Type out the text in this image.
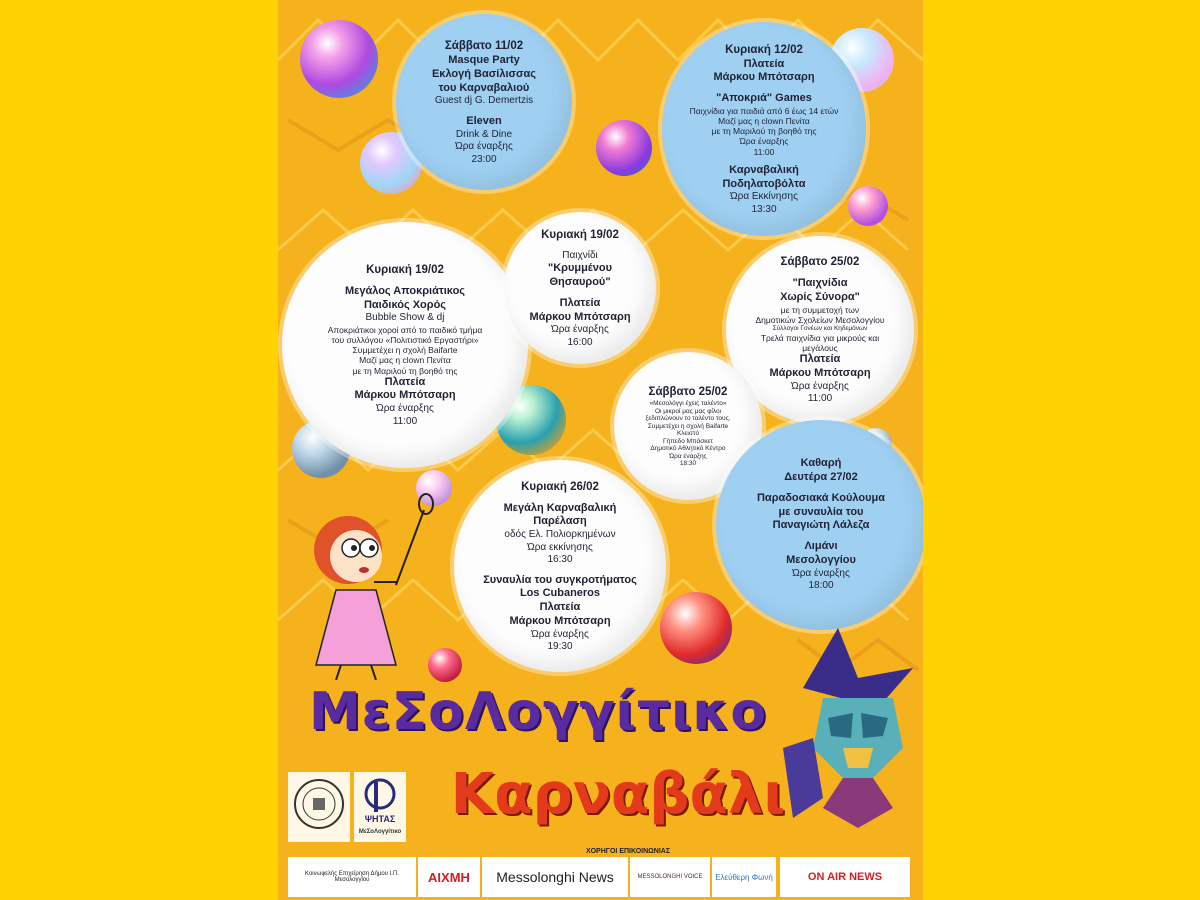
Σάββατο 11/02
Masque Party
Εκλογή Βασίλισσας
του Καρναβαλιού
Guest dj G. Demertzis
Eleven
Drink & Dine
Ώρα έναρξης
23:00
Κυριακή 12/02
Πλατεία
Μάρκου Μπότσαρη
"Αποκριά" Games
Παιχνίδια για παιδιά από 6 έως 14 ετών
Μαζί μας η clown Πενίτα
με τη Μαριλού τη βοηθό της
Ώρα έναρξης
11:00
Καρναβαλική
Ποδηλατοβόλτα
Ώρα Εκκίνησης
13:30
Κυριακή 19/02
Μεγάλος Αποκριάτικος
Παιδικός Χορός
Bubble Show & dj
Αποκριάτικοι χοροί από το παιδικό τμήμα
του συλλόγου «Πολιτιστικό Εργαστήρι»
Συμμετέχει η σχολή Baifarte
Μαζί μας η clown Πενίτα
με τη Μαριλού τη βοηθό της
Πλατεία
Μάρκου Μπότσαρη
Ώρα έναρξης
11:00
Κυριακή 19/02
Παιχνίδι
"Κρυμμένου
Θησαυρού"
Πλατεία
Μάρκου Μπότσαρη
Ώρα έναρξης
16:00
Σάββατο 25/02
"Παιχνίδια
Χωρίς Σύνορα"
με τη συμμετοχή των
Δημοτικών Σχολείων Μεσολογγίου
Σύλλογοι Γονέων και Κηδεμόνων
Τρελά παιχνίδια για μικρούς και
μεγάλους
Πλατεία
Μάρκου Μπότσαρη
Ώρα έναρξης
11:00
Σάββατο 25/02
«Μεσολόγγι έχεις ταλέντο»
Οι μικροί μας μας φίλοι
ξεδιπλώνουν το ταλέντο τους.
Συμμετέχει η σχολή Baifarte
Κλειστό
Γήπεδο Μπάσκετ
Δημοτικό Αθλητικό Κέντρο
Ώρα έναρξης
18:30
Κυριακή 26/02
Μεγάλη Καρναβαλική
Παρέλαση
οδός Ελ. Πολιορκημένων
Ώρα εκκίνησης
16:30
Συναυλία του συγκροτήματος
Los Cubaneros
Πλατεία
Μάρκου Μπότσαρη
Ώρα έναρξης
19:30
Καθαρή
Δευτέρα 27/02
Παραδοσιακά Κούλουμα
με συναυλία του
Παναγιώτη Λάλεζα
Λιμάνι
Μεσολογγίου
Ώρα έναρξης
18:00
ΜεΣοΛογγίτικο
Καρναβάλι
ΨΗΤΑΣ
ΜεΣοΛογγίτικο
ΧΟΡΗΓΟΙ ΕΠΙΚΟΙΝΩΝΙΑΣ
Κοινωφελής Επιχείρηση Δήμου Ι.Π. Μεσολογγίου	ΑΙΧΜΗ	Messolonghi News	MESSOLONGHI VOICE	Ελεύθερη Φωνή	ON AIR NEWS
